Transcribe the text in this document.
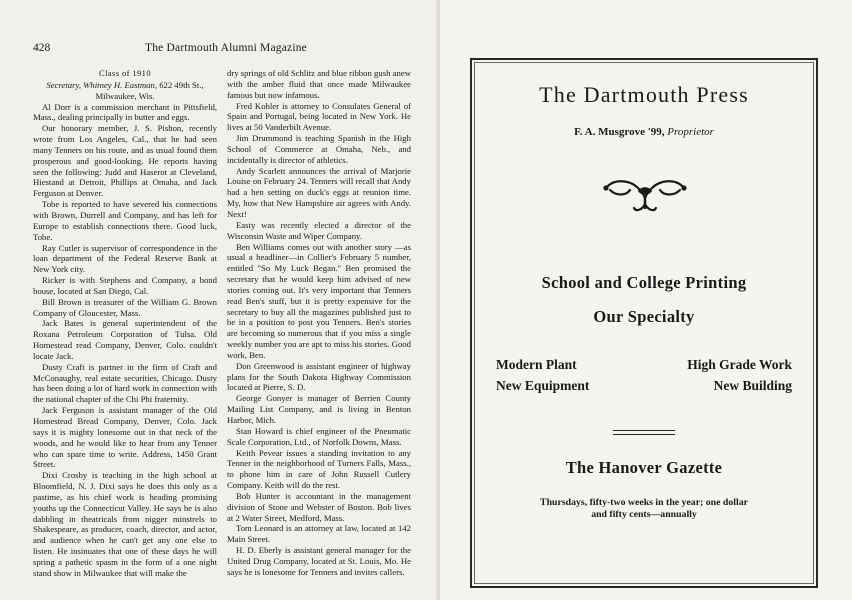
428	The Dartmouth Alumni Magazine

Class of 1910

Secretary, Whitney H. Eastman, 622 49th St.,

Milwaukee, Wis.

Al Dorr is a commission merchant in Pittsfield, Mass., dealing principally in butter and eggs.

Our honorary member, J. S. Pishon, recently wrote from Los Angeles, Cal., that he had seen many Tenners on his route, and as usual found them prosperous and good-looking. He reports having seen the following: Judd and Haserot at Cleveland, Hiestand at Detroit, Phillips at Omaha, and Jack Ferguson at Denver.

Tobe is reported to have severed his connections with Brown, Durrell and Company, and has left for Europe to establish connections there. Good luck, Tobe.

Ray Cutler is supervisor of correspondence in the loan department of the Federal Reserve Bank at New York city.

Ricker is with Stephens and Company, a bond house, located at San Diego, Cal.

Bill Brown is treasurer of the William G. Brown Company of Gloucester, Mass.

Jack Bates is general superintendent of the Roxana Petroleum Corporation of Tulsa. Old Homestead read Company, Denver, Colo. couldn't locate Jack.

Dusty Craft is partner in the firm of Craft and McConaughy, real estate securities, Chicago. Dusty has been doing a lot of hard work in connection with the national chapter of the Chi Phi fraternity.

Jack Ferguson is assistant manager of the Old Homestead Bread Company, Denver, Colo. Jack says it is mighty lonesome out in that neck of the woods, and he would like to hear from any Tenner who can spare time to write. Address, 1450 Grant Street.

Dixi Crosby is teaching in the high school at Bloomfield, N. J. Dixi says he does this only as a pastime, as his chief work is heading promising youths up the Connecticut Valley. He says he is also dabbling in theatricals from nigger minstrels to Shakespeare, as producer, coach, director, and actor, and audience when he can't get any one else to listen. He insinuates that one of these days he will spring a pathetic spasm in the form of a one night stand show in Milwaukee that will make the

dry springs of old Schlitz and blue ribbon gush anew with the amber fluid that once made Milwaukee famous but now infamous.

Fred Kohler is attorney to Consulates General of Spain and Portugal, being located in New York. He lives at 50 Vanderbilt Avenue.

Jim Drummond is teaching Spanish in the High School of Commerce at Omaha, Neb., and incidentally is director of athletics.

Andy Scarlett announces the arrival of Marjorie Louise on February 24. Tenners will recall that Andy had a hen setting on duck's eggs at reunion time. My, how that New Hampshire air agrees with Andy. Next!

Easty was recently elected a director of the Wisconsin Waste and Wiper Company.

Ben Williams comes out with another story —as usual a headliner—in Collier's February 5 number, entitled "So My Luck Began." Ben promised the secretary that he would keep him advised of new stories coming out. It's very important that Tenners read Ben's stuff, but it is pretty expensive for the secretary to buy all the magazines published just to be in a position to post you Tenners. Ben's stories are becoming so numerous that if you miss a single weekly number you are apt to miss his stories. Good work, Ben.

Don Greenwood is assistant engineer of highway plans for the South Dakota Highway Commission located at Pierre, S. D.

George Gonyer is manager of Berrien County Mailing List Company, and is living in Benton Harbor, Mich.

Stan Howard is chief engineer of the Pneumatic Scale Corporation, Ltd., of Norfolk Downs, Mass.

Keith Pevear issues a standing invitation to any Tenner in the neighborhood of Turners Falls, Mass., to phone him in care of John Russell Cutlery Company. Keith will do the rest.

Bob Hunter is accountant in the management division of Stone and Webster of Boston. Bob lives at 2 Water Street, Medford, Mass.

Tom Leonard is an attorney at law, located at 142 Main Street.

H. D. Eberly is assistant general manager for the United Drug Company, located at St. Louis, Mo. He says he is lonesome for Tenners and invites callers.

The Dartmouth Press
F. A. Musgrove '99, Proprietor
School and College Printing
Our Specialty
Modern Plant
New Equipment
High Grade Work
New Building
The Hanover Gazette
Thursdays, fifty-two weeks in the year; one dollar
and fifty cents—annually
